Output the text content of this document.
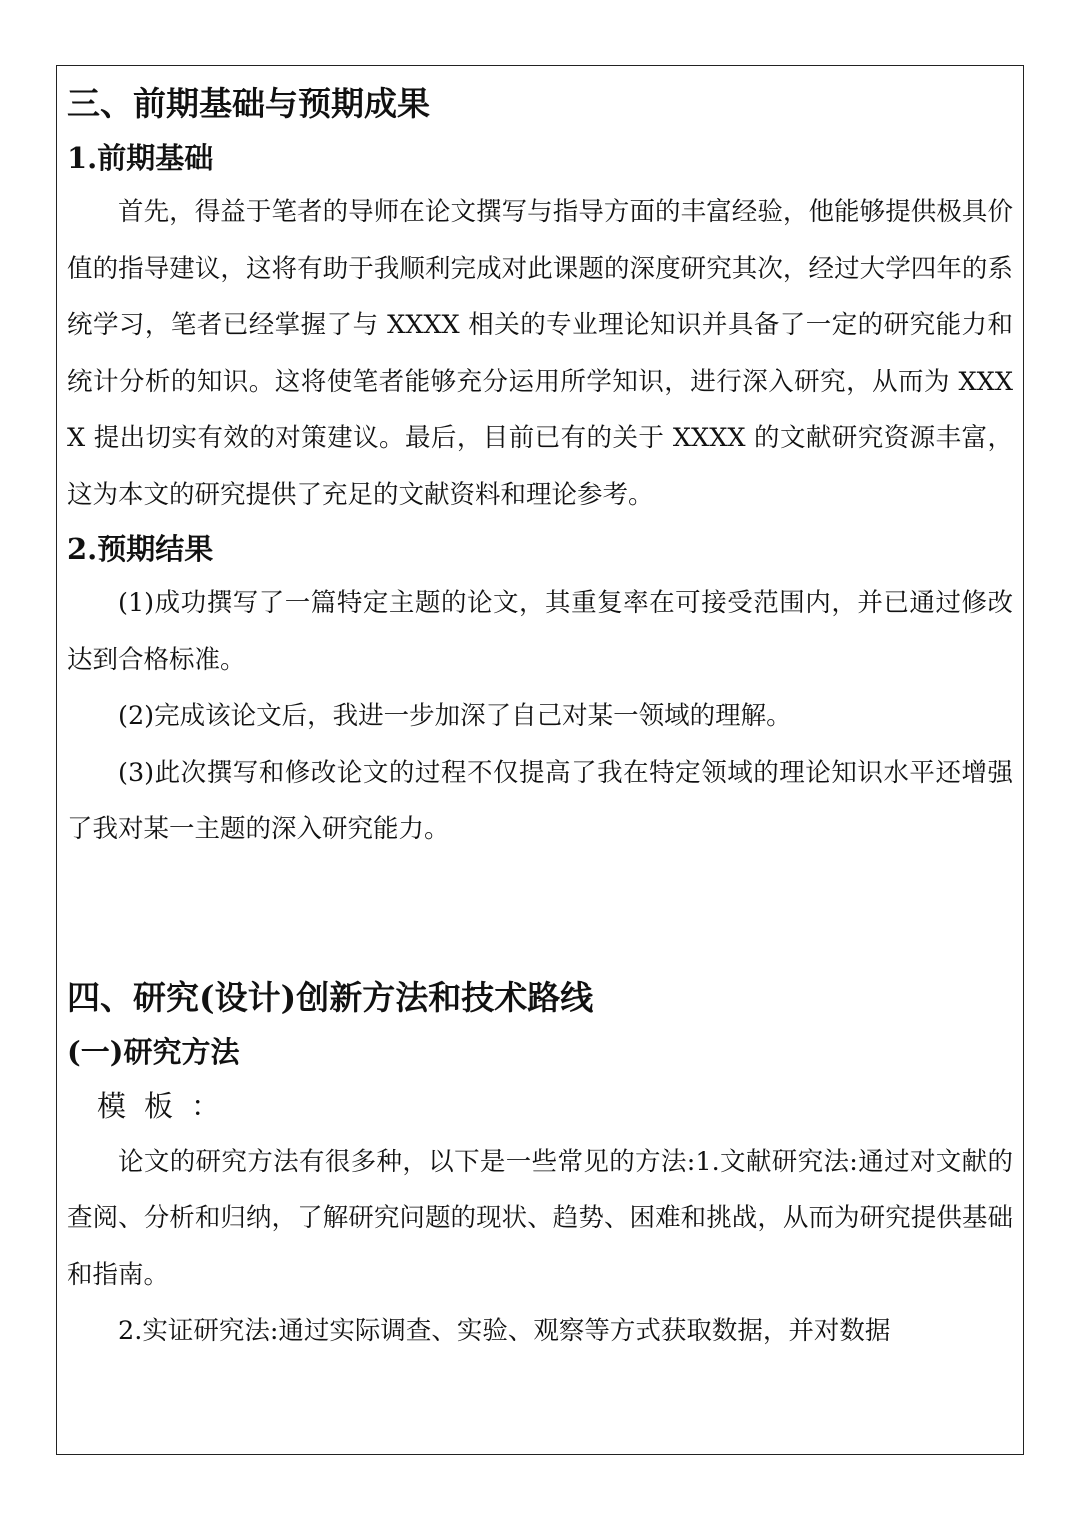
三、前期基础与预期成果
1.前期基础

首先，得益于笔者的导师在论文撰写与指导方面的丰富经验，他能够提供极具价值的指导建议，这将有助于我顺利完成对此课题的深度研究其次，经过大学四年的系统学习，笔者已经掌握了与 XXXX 相关的专业理论知识并具备了一定的研究能力和统计分析的知识。这将使笔者能够充分运用所学知识，进行深入研究，从而为 XXXX 提出切实有效的对策建议。最后，目前已有的关于 XXXX 的文献研究资源丰富，这为本文的研究提供了充足的文献资料和理论参考。

2.预期结果

(1)成功撰写了一篇特定主题的论文，其重复率在可接受范围内，并已通过修改达到合格标准。

(2)完成该论文后，我进一步加深了自己对某一领域的理解。

(3)此次撰写和修改论文的过程不仅提高了我在特定领域的理论知识水平还增强了我对某一主题的深入研究能力。

四、研究(设计)创新方法和技术路线
(一)研究方法

模板：

论文的研究方法有很多种，以下是一些常见的方法:1.文献研究法:通过对文献的查阅、分析和归纳，了解研究问题的现状、趋势、困难和挑战，从而为研究提供基础和指南。

2.实证研究法:通过实际调查、实验、观察等方式获取数据，并对数据
